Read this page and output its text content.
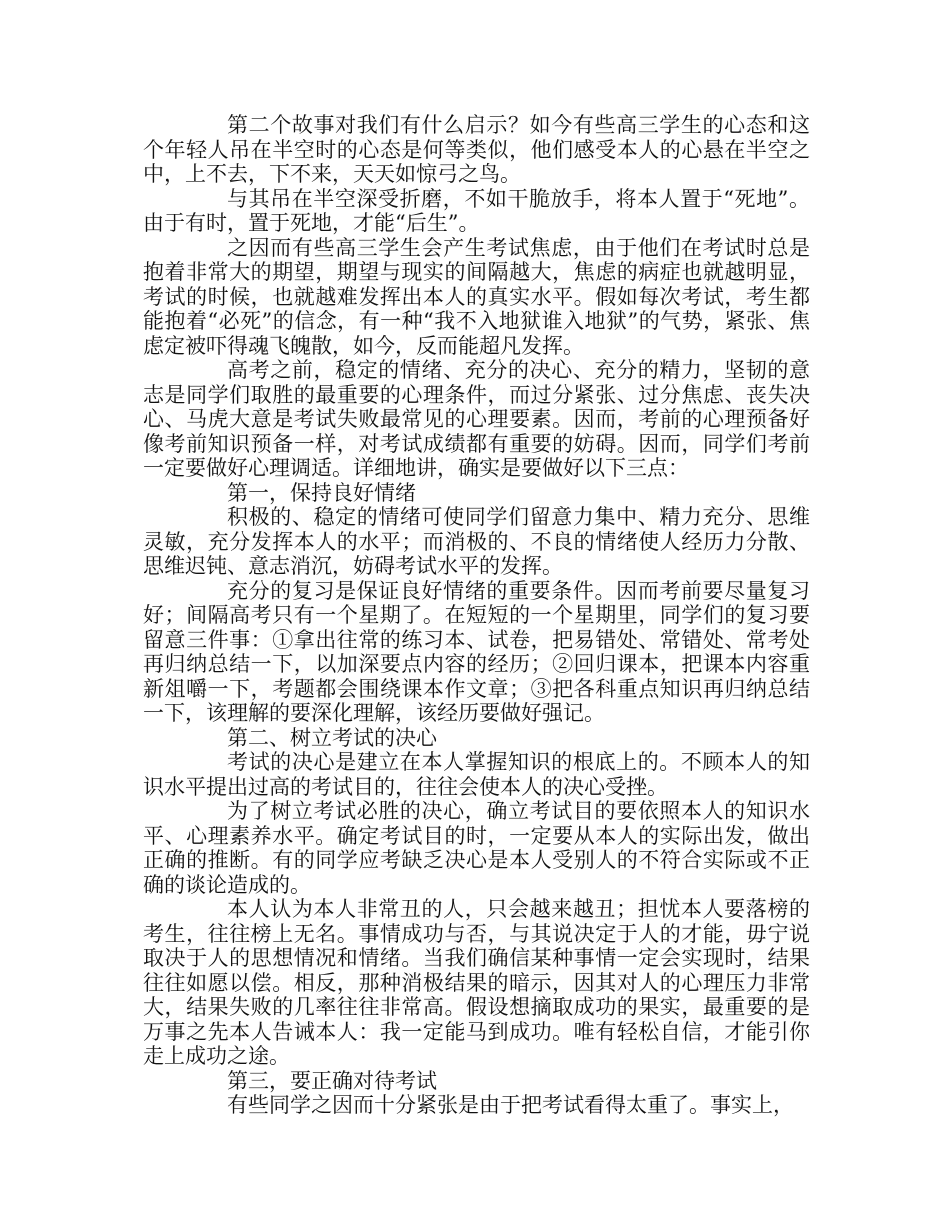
第二个故事对我们有什么启示？如今有些高三学生的心态和这个年轻人吊在半空时的心态是何等类似，他们感受本人的心悬在半空之中，上不去，下不来，天天如惊弓之鸟。

与其吊在半空深受折磨，不如干脆放手，将本人置于“死地”。由于有时，置于死地，才能“后生”。

之因而有些高三学生会产生考试焦虑，由于他们在考试时总是抱着非常大的期望，期望与现实的间隔越大，焦虑的病症也就越明显，考试的时候，也就越难发挥出本人的真实水平。假如每次考试，考生都能抱着“必死”的信念，有一种“我不入地狱谁入地狱”的气势，紧张、焦虑定被吓得魂飞魄散，如今，反而能超凡发挥。

高考之前，稳定的情绪、充分的决心、充分的精力，坚韧的意志是同学们取胜的最重要的心理条件，而过分紧张、过分焦虑、丧失决心、马虎大意是考试失败最常见的心理要素。因而，考前的心理预备好像考前知识预备一样，对考试成绩都有重要的妨碍。因而，同学们考前一定要做好心理调适。详细地讲，确实是要做好以下三点：

第一，保持良好情绪

积极的、稳定的情绪可使同学们留意力集中、精力充分、思维灵敏，充分发挥本人的水平；而消极的、不良的情绪使人经历力分散、思维迟钝、意志消沉，妨碍考试水平的发挥。

充分的复习是保证良好情绪的重要条件。因而考前要尽量复习好；间隔高考只有一个星期了。在短短的一个星期里，同学们的复习要留意三件事：①拿出往常的练习本、试卷，把易错处、常错处、常考处再归纳总结一下，以加深要点内容的经历；②回归课本，把课本内容重新俎嚼一下，考题都会围绕课本作文章；③把各科重点知识再归纳总结一下，该理解的要深化理解，该经历要做好强记。

第二、树立考试的决心

考试的决心是建立在本人掌握知识的根底上的。不顾本人的知识水平提出过高的考试目的，往往会使本人的决心受挫。

为了树立考试必胜的决心，确立考试目的要依照本人的知识水平、心理素养水平。确定考试目的时，一定要从本人的实际出发，做出正确的推断。有的同学应考缺乏决心是本人受别人的不符合实际或不正确的谈论造成的。

本人认为本人非常丑的人，只会越来越丑；担忧本人要落榜的考生，往往榜上无名。事情成功与否，与其说决定于人的才能，毋宁说取决于人的思想情况和情绪。当我们确信某种事情一定会实现时，结果往往如愿以偿。相反，那种消极结果的暗示，因其对人的心理压力非常大，结果失败的几率往往非常高。假设想摘取成功的果实，最重要的是万事之先本人告诫本人：我一定能马到成功。唯有轻松自信，才能引你走上成功之途。

第三，要正确对待考试

有些同学之因而十分紧张是由于把考试看得太重了。事实上，
